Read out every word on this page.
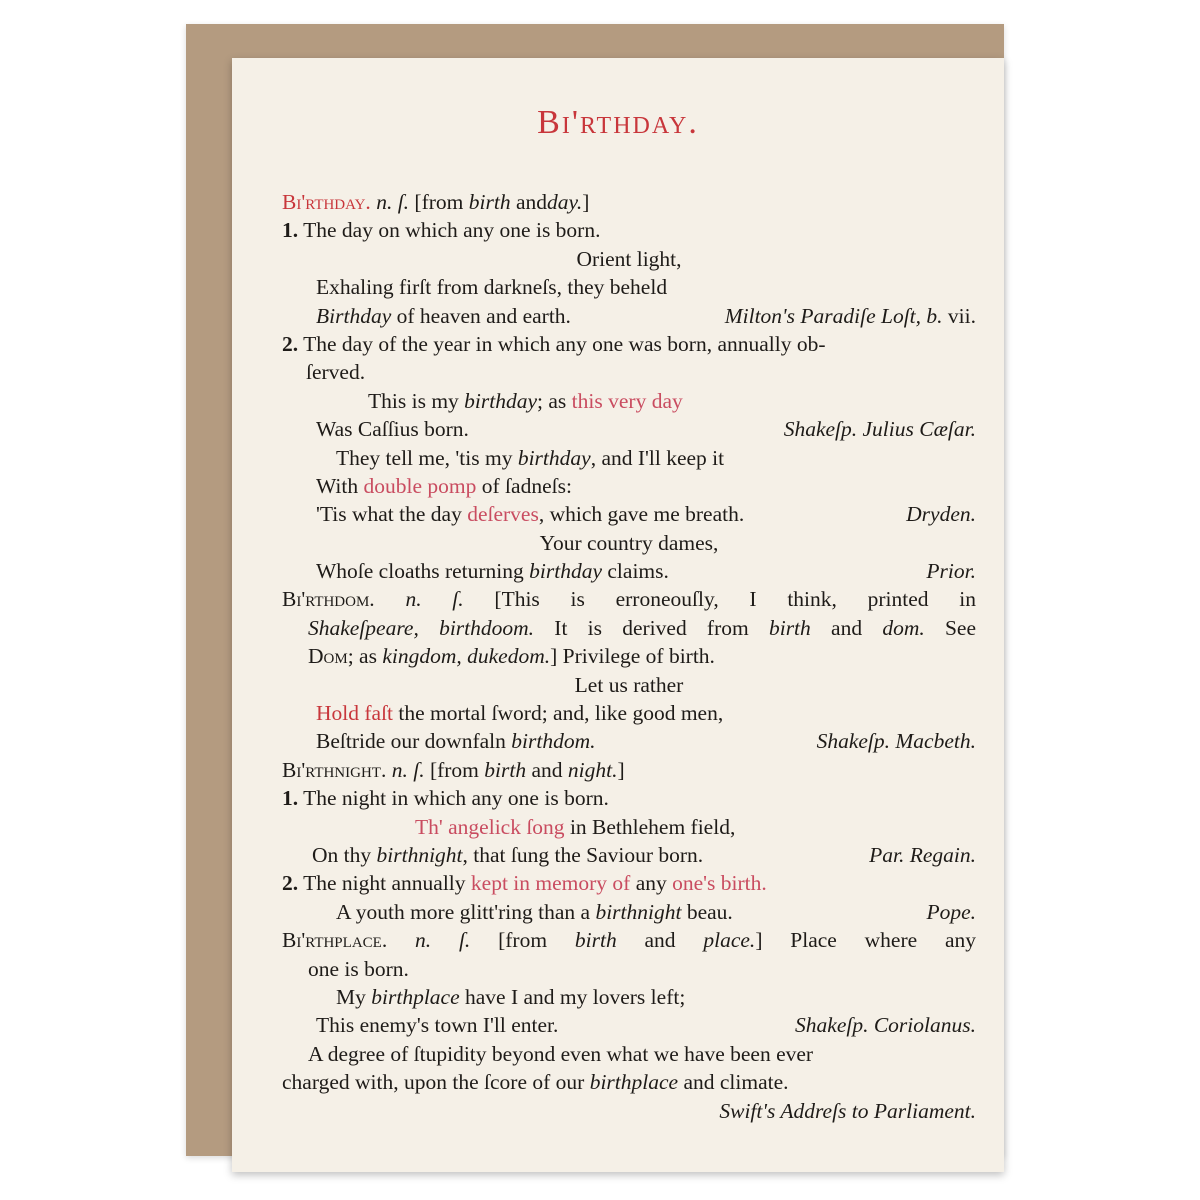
Bi'rthday.
Bi'rthday. n. ſ. [from birth andday.]
1. The day on which any one is born.
Orient light,
Exhaling firſt from darkneſs, they beheld
Birthday of heaven and earth.	Milton's Paradiſe Loſt, b. vii.
2. The day of the year in which any one was born, annually ob-
ſerved.
This is my birthday; as this very day
Was Caſſius born.	Shakeſp. Julius Cæſar.
They tell me, 'tis my birthday, and I'll keep it
With double pomp of ſadneſs:
'Tis what the day deſerves, which gave me breath.	Dryden.
Your country dames,
Whoſe cloaths returning birthday claims.	Prior.
Bi'rthdom. n. ſ. [This is erroneouſly, I think, printed in
Shakeſpeare, birthdoom. It is derived from birth and dom. See
Dom; as kingdom, dukedom.] Privilege of birth.
Let us rather
Hold faſt the mortal ſword; and, like good men,
Beſtride our downfaln birthdom.	Shakeſp. Macbeth.
Bi'rthnight. n. ſ. [from birth and night.]
1. The night in which any one is born.
Th' angelick ſong in Bethlehem field,
On thy birthnight, that ſung the Saviour born.	Par. Regain.
2. The night annually kept in memory of any one's birth.
A youth more glitt'ring than a birthnight beau.	Pope.
Bi'rthplace. n. ſ. [from birth and place.] Place where any
one is born.
My birthplace have I and my lovers left;
This enemy's town I'll enter.	Shakeſp. Coriolanus.
A degree of ſtupidity beyond even what we have been ever
charged with, upon the ſcore of our birthplace and climate.
Swift's Addreſs to Parliament.
